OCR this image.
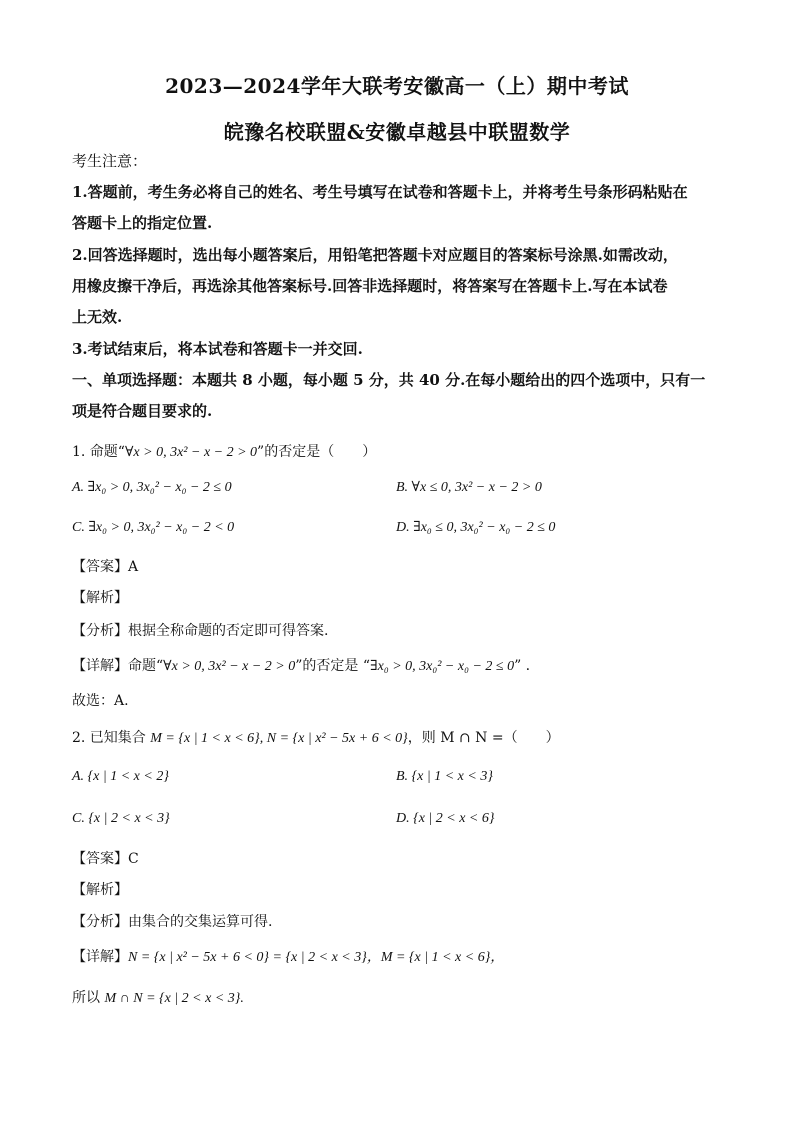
2023—2024学年大联考安徽高一（上）期中考试
皖豫名校联盟&安徽卓越县中联盟数学
考生注意：
1.答题前，考生务必将自己的姓名、考生号填写在试卷和答题卡上，并将考生号条形码粘贴在
答题卡上的指定位置.
2.回答选择题时，选出每小题答案后，用铅笔把答题卡对应题目的答案标号涂黑.如需改动，
用橡皮擦干净后，再选涂其他答案标号.回答非选择题时，将答案写在答题卡上.写在本试卷
上无效.
3.考试结束后，将本试卷和答题卡一并交回.
一、单项选择题：本题共 8 小题，每小题 5 分，共 40 分.在每小题给出的四个选项中，只有一
项是符合题目要求的.
1. 命题“∀x > 0, 3x² − x − 2 > 0”的否定是（　　）
A. ∃x₀ > 0, 3x₀² − x₀ − 2 ≤ 0	B. ∀x ≤ 0, 3x² − x − 2 > 0
C. ∃x₀ > 0, 3x₀² − x₀ − 2 < 0	D. ∃x₀ ≤ 0, 3x₀² − x₀ − 2 ≤ 0
【答案】A
【解析】
【分析】根据全称命题的否定即可得答案.
【详解】命题“∀x > 0, 3x² − x − 2 > 0”的否定是 “∃x₀ > 0, 3x₀² − x₀ − 2 ≤ 0” .
故选：A.
2. 已知集合 M = {x | 1 < x < 6}, N = {x | x² − 5x + 6 < 0}，则 M ∩ N =（　　）
A. {x | 1 < x < 2}	B. {x | 1 < x < 3}
C. {x | 2 < x < 3}	D. {x | 2 < x < 6}
【答案】C
【解析】
【分析】由集合的交集运算可得.
【详解】N = {x | x² − 5x + 6 < 0} = {x | 2 < x < 3}，M = {x | 1 < x < 6}，
所以 M ∩ N = {x | 2 < x < 3}.
